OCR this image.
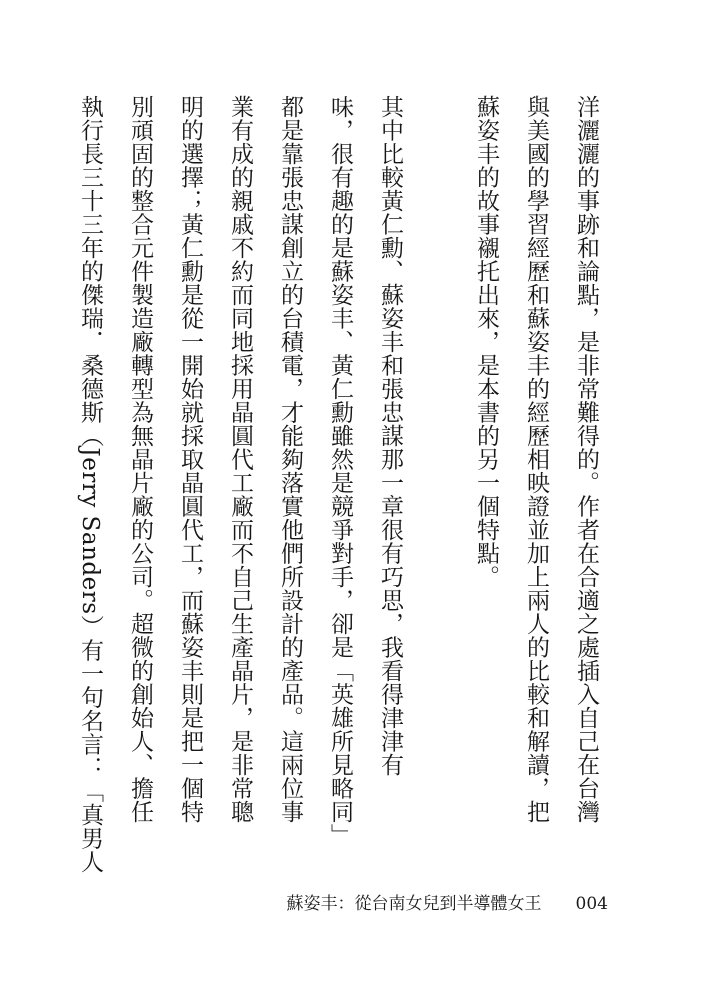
洋灑灑的事跡和論點，是非常難得的。作者在合適之處插入自己在台灣

與美國的學習經歷和蘇姿丰的經歷相映證並加上兩人的比較和解讀，把

蘇姿丰的故事襯托出來，是本書的另一個特點。

其中比較黃仁勳、蘇姿丰和張忠謀那一章很有巧思，我看得津津有

味，很有趣的是蘇姿丰、黃仁勳雖然是競爭對手，卻是「英雄所見略同」

都是靠張忠謀創立的台積電，才能夠落實他們所設計的產品。這兩位事

業有成的親戚不約而同地採用晶圓代工廠而不自己生產晶片，是非常聰

明的選擇；黃仁勳是從一開始就採取晶圓代工，而蘇姿丰則是把一個特

別頑固的整合元件製造廠轉型為無晶片廠的公司。超微的創始人、擔任

執行長三十三年的傑瑞．桑德斯（Jerry Sanders）有一句名言：「真男人

蘇姿丰：從台南女兒到半導體女王 004
